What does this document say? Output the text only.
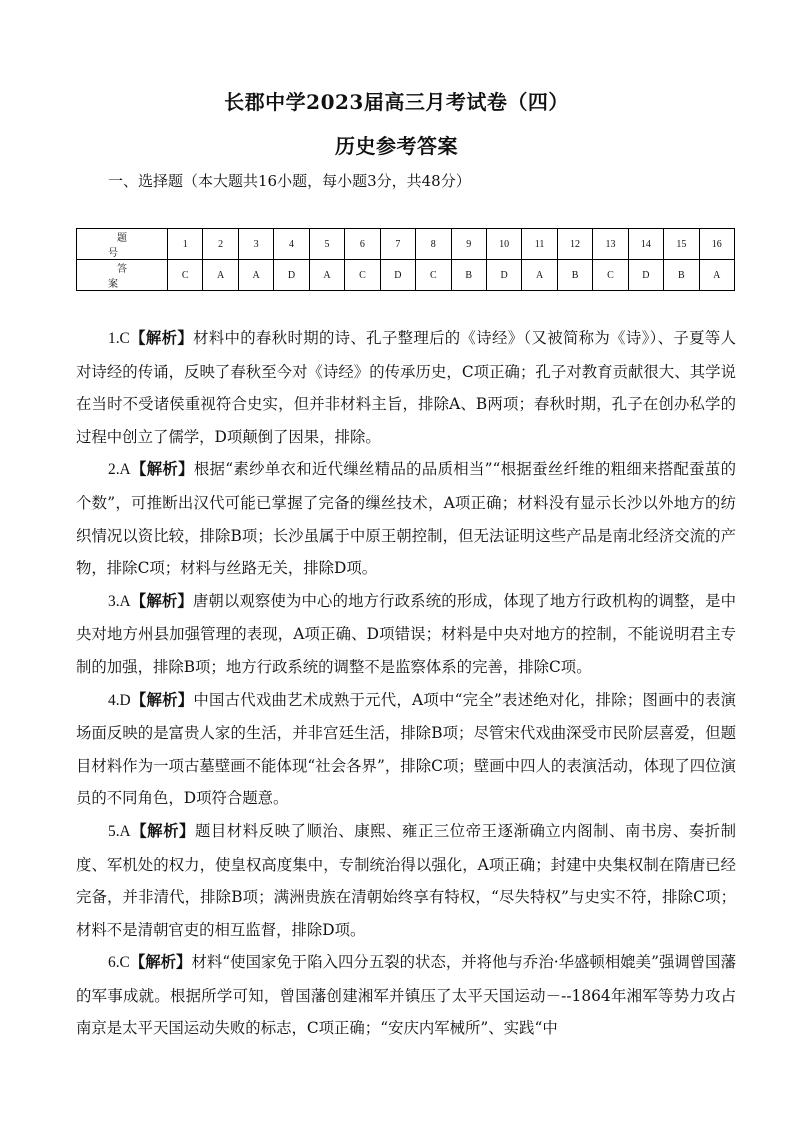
长郡中学2023届高三月考试卷（四）
历史参考答案
一、选择题（本大题共16小题，每小题3分，共48分）
题　号	1	2	3	4	5	6	7	8	9	10	11	12	13	14	15	16
答　案	C	A	A	D	A	C	D	C	B	D	A	B	C	D	B	A

1.C【解析】材料中的春秋时期的诗、孔子整理后的《诗经》（又被简称为《诗》）、子夏等人对诗经的传诵，反映了春秋至今对《诗经》的传承历史，C项正确；孔子对教育贡献很大、其学说在当时不受诸侯重视符合史实，但并非材料主旨，排除A、B两项；春秋时期，孔子在创办私学的过程中创立了儒学，D项颠倒了因果，排除。

2.A【解析】根据“素纱单衣和近代缫丝精品的品质相当”“根据蚕丝纤维的粗细来搭配蚕茧的个数”，可推断出汉代可能已掌握了完备的缫丝技术，A项正确；材料没有显示长沙以外地方的纺织情况以资比较，排除B项；长沙虽属于中原王朝控制，但无法证明这些产品是南北经济交流的产物，排除C项；材料与丝路无关，排除D项。

3.A【解析】唐朝以观察使为中心的地方行政系统的形成，体现了地方行政机构的调整，是中央对地方州县加强管理的表现，A项正确、D项错误；材料是中央对地方的控制，不能说明君主专制的加强，排除B项；地方行政系统的调整不是监察体系的完善，排除C项。

4.D【解析】中国古代戏曲艺术成熟于元代，A项中“完全”表述绝对化，排除；图画中的表演场面反映的是富贵人家的生活，并非宫廷生活，排除B项；尽管宋代戏曲深受市民阶层喜爱，但题目材料作为一项古墓壁画不能体现“社会各界”，排除C项；壁画中四人的表演活动，体现了四位演员的不同角色，D项符合题意。

5.A【解析】题目材料反映了顺治、康熙、雍正三位帝王逐渐确立内阁制、南书房、奏折制度、军机处的权力，使皇权高度集中，专制统治得以强化，A项正确；封建中央集权制在隋唐已经完备，并非清代，排除B项；满洲贵族在清朝始终享有特权，“尽失特权”与史实不符，排除C项；材料不是清朝官吏的相互监督，排除D项。

6.C【解析】材料“使国家免于陷入四分五裂的状态，并将他与乔治·华盛顿相媲美”强调曾国藩的军事成就。根据所学可知，曾国藩创建湘军并镇压了太平天国运动－--1864年湘军等势力攻占南京是太平天国运动失败的标志，C项正确；“安庆内军械所”、实践“中
